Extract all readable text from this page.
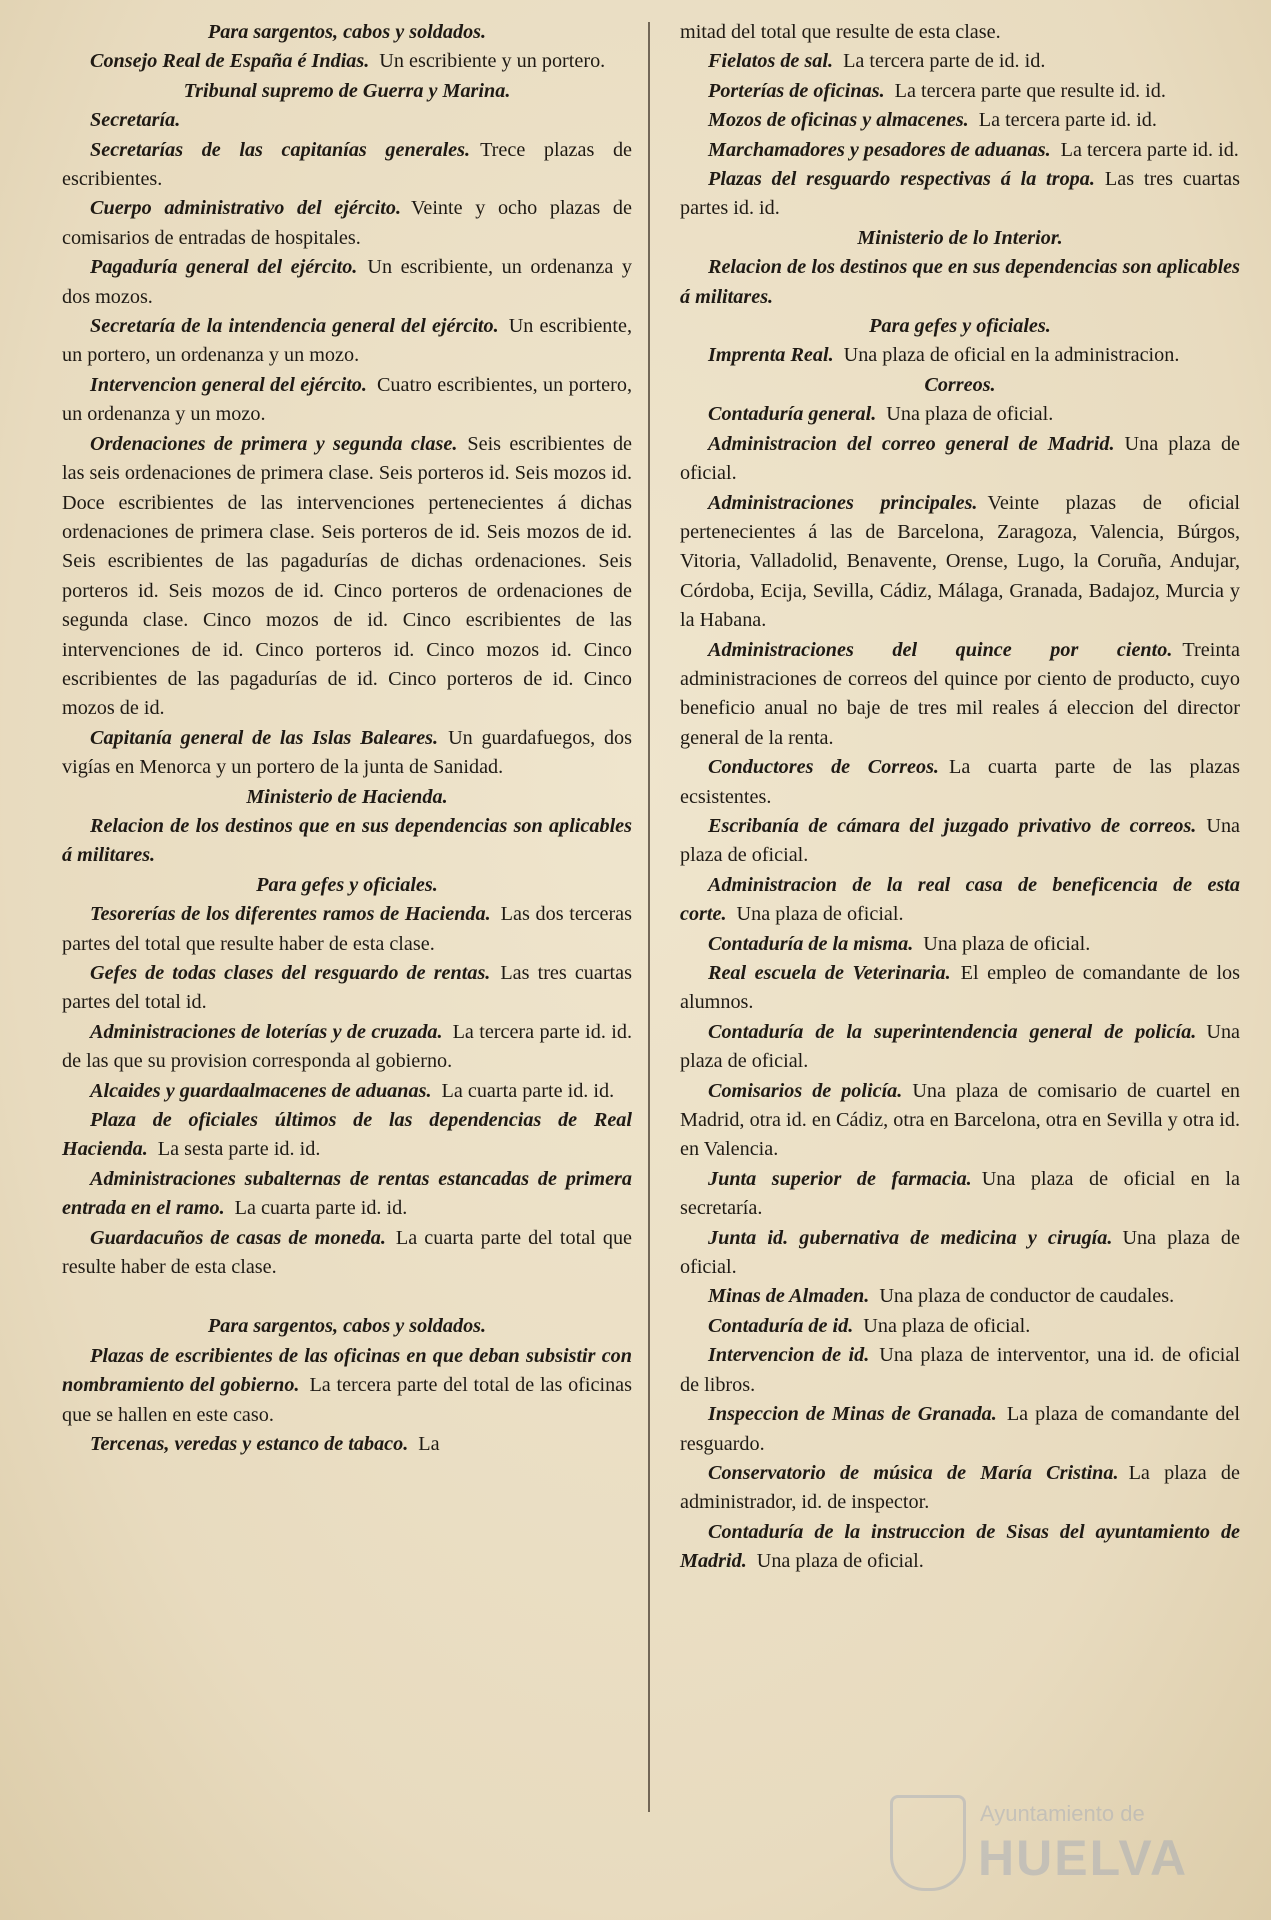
Para sargentos, cabos y soldados.

Consejo Real de España é Indias. Un escribiente y un portero.

Tribunal supremo de Guerra y Marina.

Secretaría.

Secretarías de las capitanías generales. Trece plazas de escribientes.

Cuerpo administrativo del ejército. Veinte y ocho plazas de comisarios de entradas de hospitales.

Pagaduría general del ejército. Un escribiente, un ordenanza y dos mozos.

Secretaría de la intendencia general del ejército. Un escribiente, un portero, un ordenanza y un mozo.

Intervencion general del ejército. Cuatro escribientes, un portero, un ordenanza y un mozo.

Ordenaciones de primera y segunda clase. Seis escribientes de las seis ordenaciones de primera clase. Seis porteros id. Seis mozos id. Doce escribientes de las intervenciones pertenecientes á dichas ordenaciones de primera clase. Seis porteros de id. Seis mozos de id. Seis escribientes de las pagadurías de dichas ordenaciones. Seis porteros id. Seis mozos de id. Cinco porteros de ordenaciones de segunda clase. Cinco mozos de id. Cinco escribientes de las intervenciones de id. Cinco porteros id. Cinco mozos id. Cinco escribientes de las pagadurías de id. Cinco porteros de id. Cinco mozos de id.

Capitanía general de las Islas Baleares. Un guardafuegos, dos vigías en Menorca y un portero de la junta de Sanidad.

Ministerio de Hacienda.

Relacion de los destinos que en sus dependencias son aplicables á militares.

Para gefes y oficiales.

Tesorerías de los diferentes ramos de Hacienda. Las dos terceras partes del total que resulte haber de esta clase.

Gefes de todas clases del resguardo de rentas. Las tres cuartas partes del total id.

Administraciones de loterías y de cruzada. La tercera parte id. id. de las que su provision corresponda al gobierno.

Alcaides y guardaalmacenes de aduanas. La cuarta parte id. id.

Plaza de oficiales últimos de las dependencias de Real Hacienda. La sesta parte id. id.

Administraciones subalternas de rentas estancadas de primera entrada en el ramo. La cuarta parte id. id.

Guardacuños de casas de moneda. La cuarta parte del total que resulte haber de esta clase.

Para sargentos, cabos y soldados.

Plazas de escribientes de las oficinas en que deban subsistir con nombramiento del gobierno. La tercera parte del total de las oficinas que se hallen en este caso.

Tercenas, veredas y estanco de tabaco. La

mitad del total que resulte de esta clase.

Fielatos de sal. La tercera parte de id. id.

Porterías de oficinas. La tercera parte que resulte id. id.

Mozos de oficinas y almacenes. La tercera parte id. id.

Marchamadores y pesadores de aduanas. La tercera parte id. id.

Plazas del resguardo respectivas á la tropa. Las tres cuartas partes id. id.

Ministerio de lo Interior.

Relacion de los destinos que en sus dependencias son aplicables á militares.

Para gefes y oficiales.

Imprenta Real. Una plaza de oficial en la administracion.

Correos.

Contaduría general. Una plaza de oficial.

Administracion del correo general de Madrid. Una plaza de oficial.

Administraciones principales. Veinte plazas de oficial pertenecientes á las de Barcelona, Zaragoza, Valencia, Búrgos, Vitoria, Valladolid, Benavente, Orense, Lugo, la Coruña, Andujar, Córdoba, Ecija, Sevilla, Cádiz, Málaga, Granada, Badajoz, Murcia y la Habana.

Administraciones del quince por ciento. Treinta administraciones de correos del quince por ciento de producto, cuyo beneficio anual no baje de tres mil reales á eleccion del director general de la renta.

Conductores de Correos. La cuarta parte de las plazas ecsistentes.

Escribanía de cámara del juzgado privativo de correos. Una plaza de oficial.

Administracion de la real casa de beneficencia de esta corte. Una plaza de oficial.

Contaduría de la misma. Una plaza de oficial.

Real escuela de Veterinaria. El empleo de comandante de los alumnos.

Contaduría de la superintendencia general de policía. Una plaza de oficial.

Comisarios de policía. Una plaza de comisario de cuartel en Madrid, otra id. en Cádiz, otra en Barcelona, otra en Sevilla y otra id. en Valencia.

Junta superior de farmacia. Una plaza de oficial en la secretaría.

Junta id. gubernativa de medicina y cirugía. Una plaza de oficial.

Minas de Almaden. Una plaza de conductor de caudales.

Contaduría de id. Una plaza de oficial.

Intervencion de id. Una plaza de interventor, una id. de oficial de libros.

Inspeccion de Minas de Granada. La plaza de comandante del resguardo.

Conservatorio de música de María Cristina. La plaza de administrador, id. de inspector.

Contaduría de la instruccion de Sisas del ayuntamiento de Madrid. Una plaza de oficial.

Ayuntamiento de
HUELVA
